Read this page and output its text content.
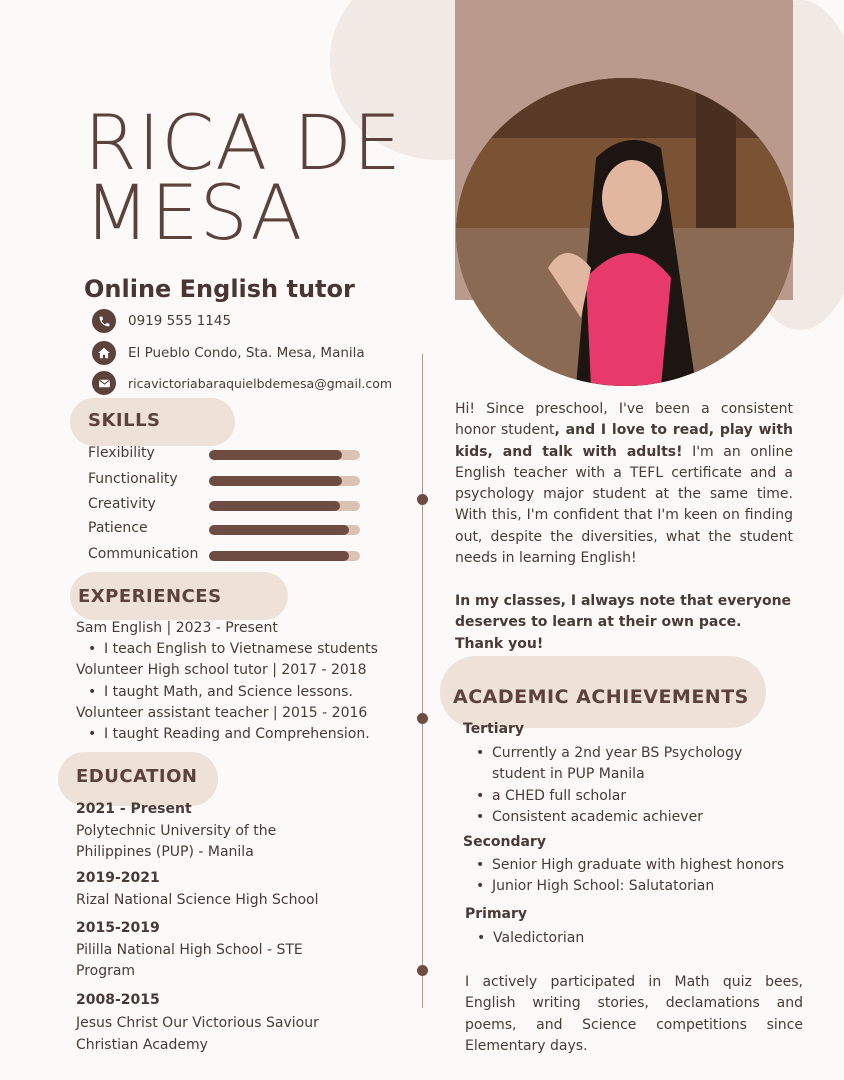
RICA DE
MESA
Online English tutor
0919 555 1145
El Pueblo Condo, Sta. Mesa, Manila
ricavictoriabaraquielbdemesa@gmail.com
SKILLS
Flexibility
Functionality
Creativity
Patience
Communication
EXPERIENCES
Sam English | 2023 - Present
• I teach English to Vietnamese students
Volunteer High school tutor | 2017 - 2018
• I taught Math, and Science lessons.
Volunteer assistant teacher | 2015 - 2016
• I taught Reading and Comprehension.
EDUCATION
2021 - Present
Polytechnic University of the
Philippines (PUP) - Manila
2019-2021
Rizal National Science High School
2015-2019
Pililla National High School - STE
Program
2008-2015
Jesus Christ Our Victorious Saviour
Christian Academy
Hi! Since preschool, I've been a consistent honor student, and I love to read, play with kids, and talk with adults! I'm an online English teacher with a TEFL certificate and a psychology major student at the same time. With this, I'm confident that I'm keen on finding out, despite the diversities, what the student needs in learning English!
In my classes, I always note that everyone deserves to learn at their own pace. Thank you!
ACADEMIC ACHIEVEMENTS
Tertiary
• Currently a 2nd year BS Psychology
student in PUP Manila
• a CHED full scholar
• Consistent academic achiever
Secondary
• Senior High graduate with highest honors
• Junior High School: Salutatorian
Primary
• Valedictorian
I actively participated in Math quiz bees, English writing stories, declamations and poems, and Science competitions since Elementary days.
